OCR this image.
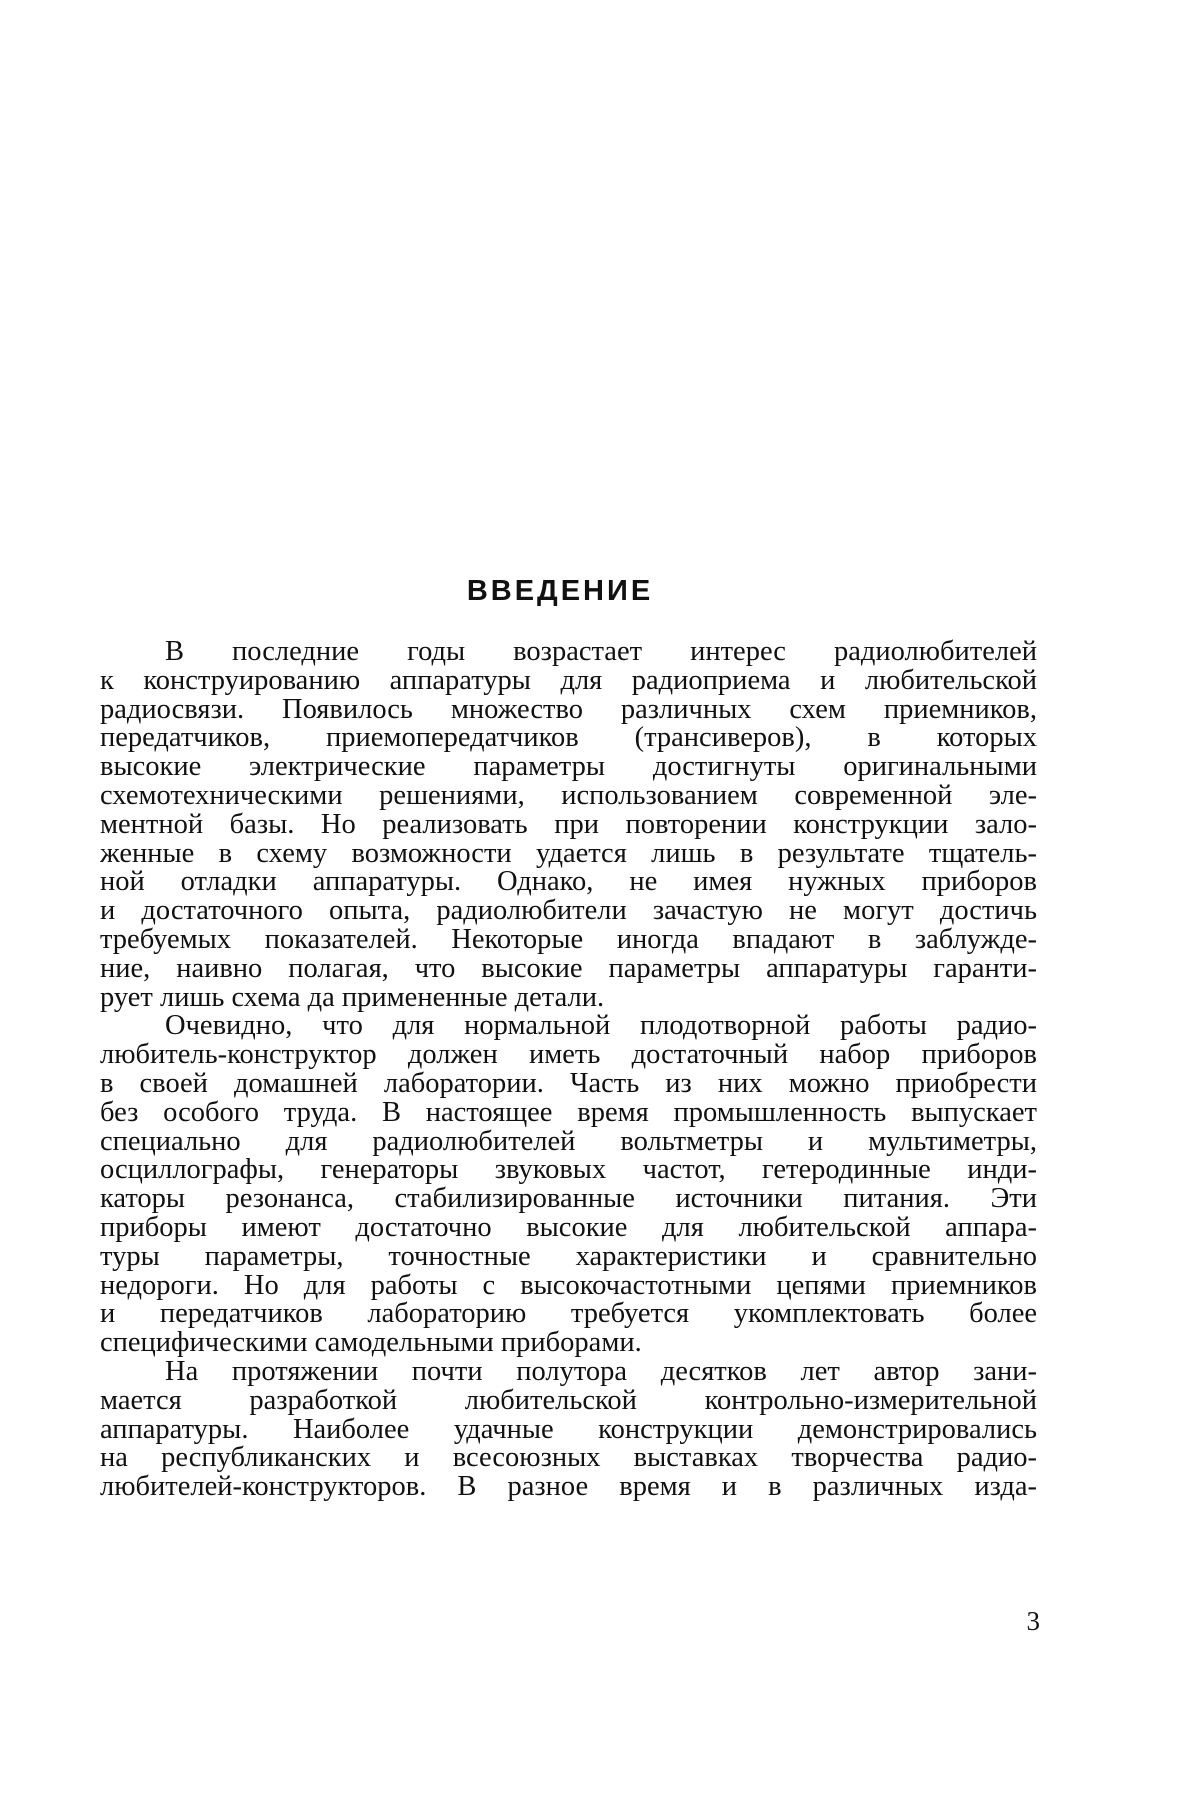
ВВЕДЕНИЕ
В последние годы возрастает интерес радиолюбителей
к конструированию аппаратуры для радиоприема и любительской
радиосвязи. Появилось множество различных схем приемников,
передатчиков, приемопередатчиков (трансиверов), в которых
высокие электрические параметры достигнуты оригинальными
схемотехническими решениями, использованием современной эле-
ментной базы. Но реализовать при повторении конструкции зало-
женные в схему возможности удается лишь в результате тщатель-
ной отладки аппаратуры. Однако, не имея нужных приборов
и достаточного опыта, радиолюбители зачастую не могут достичь
требуемых показателей. Некоторые иногда впадают в заблужде-
ние, наивно полагая, что высокие параметры аппаратуры гаранти-
рует лишь схема да примененные детали.
Очевидно, что для нормальной плодотворной работы радио-
любитель-конструктор должен иметь достаточный набор приборов
в своей домашней лаборатории. Часть из них можно приобрести
без особого труда. В настоящее время промышленность выпускает
специально для радиолюбителей вольтметры и мультиметры,
осциллографы, генераторы звуковых частот, гетеродинные инди-
каторы резонанса, стабилизированные источники питания. Эти
приборы имеют достаточно высокие для любительской аппара-
туры параметры, точностные характеристики и сравнительно
недороги. Но для работы с высокочастотными цепями приемников
и передатчиков лабораторию требуется укомплектовать более
специфическими самодельными приборами.
На протяжении почти полутора десятков лет автор зани-
мается разработкой любительской контрольно-измерительной
аппаратуры. Наиболее удачные конструкции демонстрировались
на республиканских и всесоюзных выставках творчества радио-
любителей-конструкторов. В разное время и в различных изда-

3
